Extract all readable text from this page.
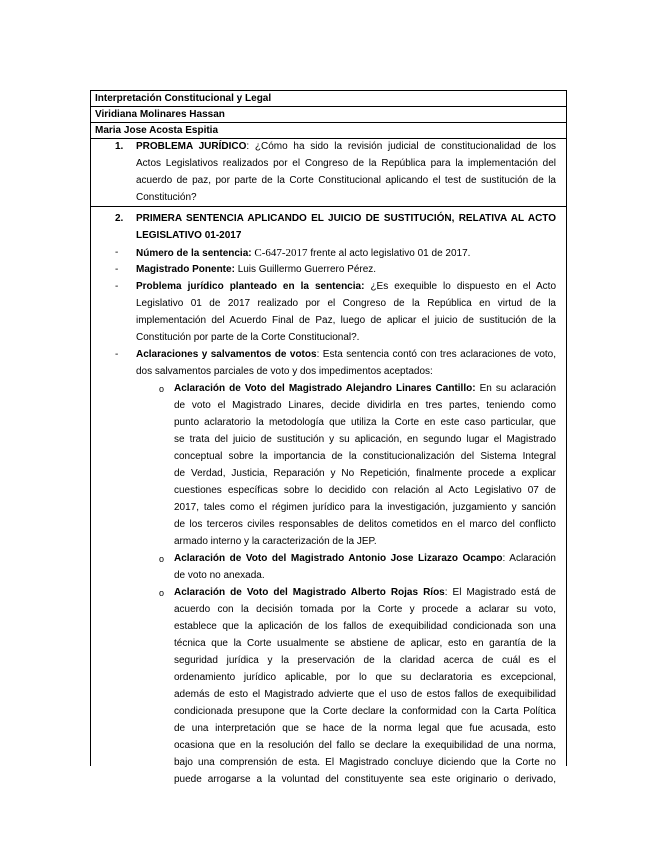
Interpretación Constitucional y Legal
Viridiana Molinares Hassan
Maria Jose Acosta Espitia
1. PROBLEMA JURÍDICO: ¿Cómo ha sido la revisión judicial de constitucionalidad de los
Actos Legislativos realizados por el Congreso de la República para la implementación del
acuerdo de paz, por parte de la Corte Constitucional aplicando el test de sustitución de la
Constitución?
2. PRIMERA SENTENCIA APLICANDO EL JUICIO DE SUSTITUCIÓN, RELATIVA AL ACTO
LEGISLATIVO 01-2017
- Número de la sentencia: C-647-2017 frente al acto legislativo 01 de 2017.
- Magistrado Ponente: Luis Guillermo Guerrero Pérez.
- Problema jurídico planteado en la sentencia: ¿Es exequible lo dispuesto en el Acto
Legislativo 01 de 2017 realizado por el Congreso de la República en virtud de la
implementación del Acuerdo Final de Paz, luego de aplicar el juicio de sustitución de la
Constitución por parte de la Corte Constitucional?.
- Aclaraciones y salvamentos de votos: Esta sentencia contó con tres aclaraciones de voto,
dos salvamentos parciales de voto y dos impedimentos aceptados:
o Aclaración de Voto del Magistrado Alejandro Linares Cantillo: En su aclaración
de voto el Magistrado Linares, decide dividirla en tres partes, teniendo como
punto aclaratorio la metodología que utiliza la Corte en este caso particular, que
se trata del juicio de sustitución y su aplicación, en segundo lugar el Magistrado
conceptual sobre la importancia de la constitucionalización del Sistema Integral
de Verdad, Justicia, Reparación y No Repetición, finalmente procede a explicar
cuestiones específicas sobre lo decidido con relación al Acto Legislativo 07 de
2017, tales como el régimen jurídico para la investigación, juzgamiento y sanción
de los terceros civiles responsables de delitos cometidos en el marco del conflicto
armado interno y la caracterización de la JEP.
o Aclaración de Voto del Magistrado Antonio Jose Lizarazo Ocampo: Aclaración
de voto no anexada.
o Aclaración de Voto del Magistrado Alberto Rojas Ríos: El Magistrado está de
acuerdo con la decisión tomada por la Corte y procede a aclarar su voto,
establece que la aplicación de los fallos de exequibilidad condicionada son una
técnica que la Corte usualmente se abstiene de aplicar, esto en garantía de la
seguridad jurídica y la preservación de la claridad acerca de cuál es el
ordenamiento jurídico aplicable, por lo que su declaratoria es excepcional,
además de esto el Magistrado advierte que el uso de estos fallos de exequibilidad
condicionada presupone que la Corte declare la conformidad con la Carta Política
de una interpretación que se hace de la norma legal que fue acusada, esto
ocasiona que en la resolución del fallo se declare la exequibilidad de una norma,
bajo una comprensión de esta. El Magistrado concluye diciendo que la Corte no
puede arrogarse a la voluntad del constituyente sea este originario o derivado,
